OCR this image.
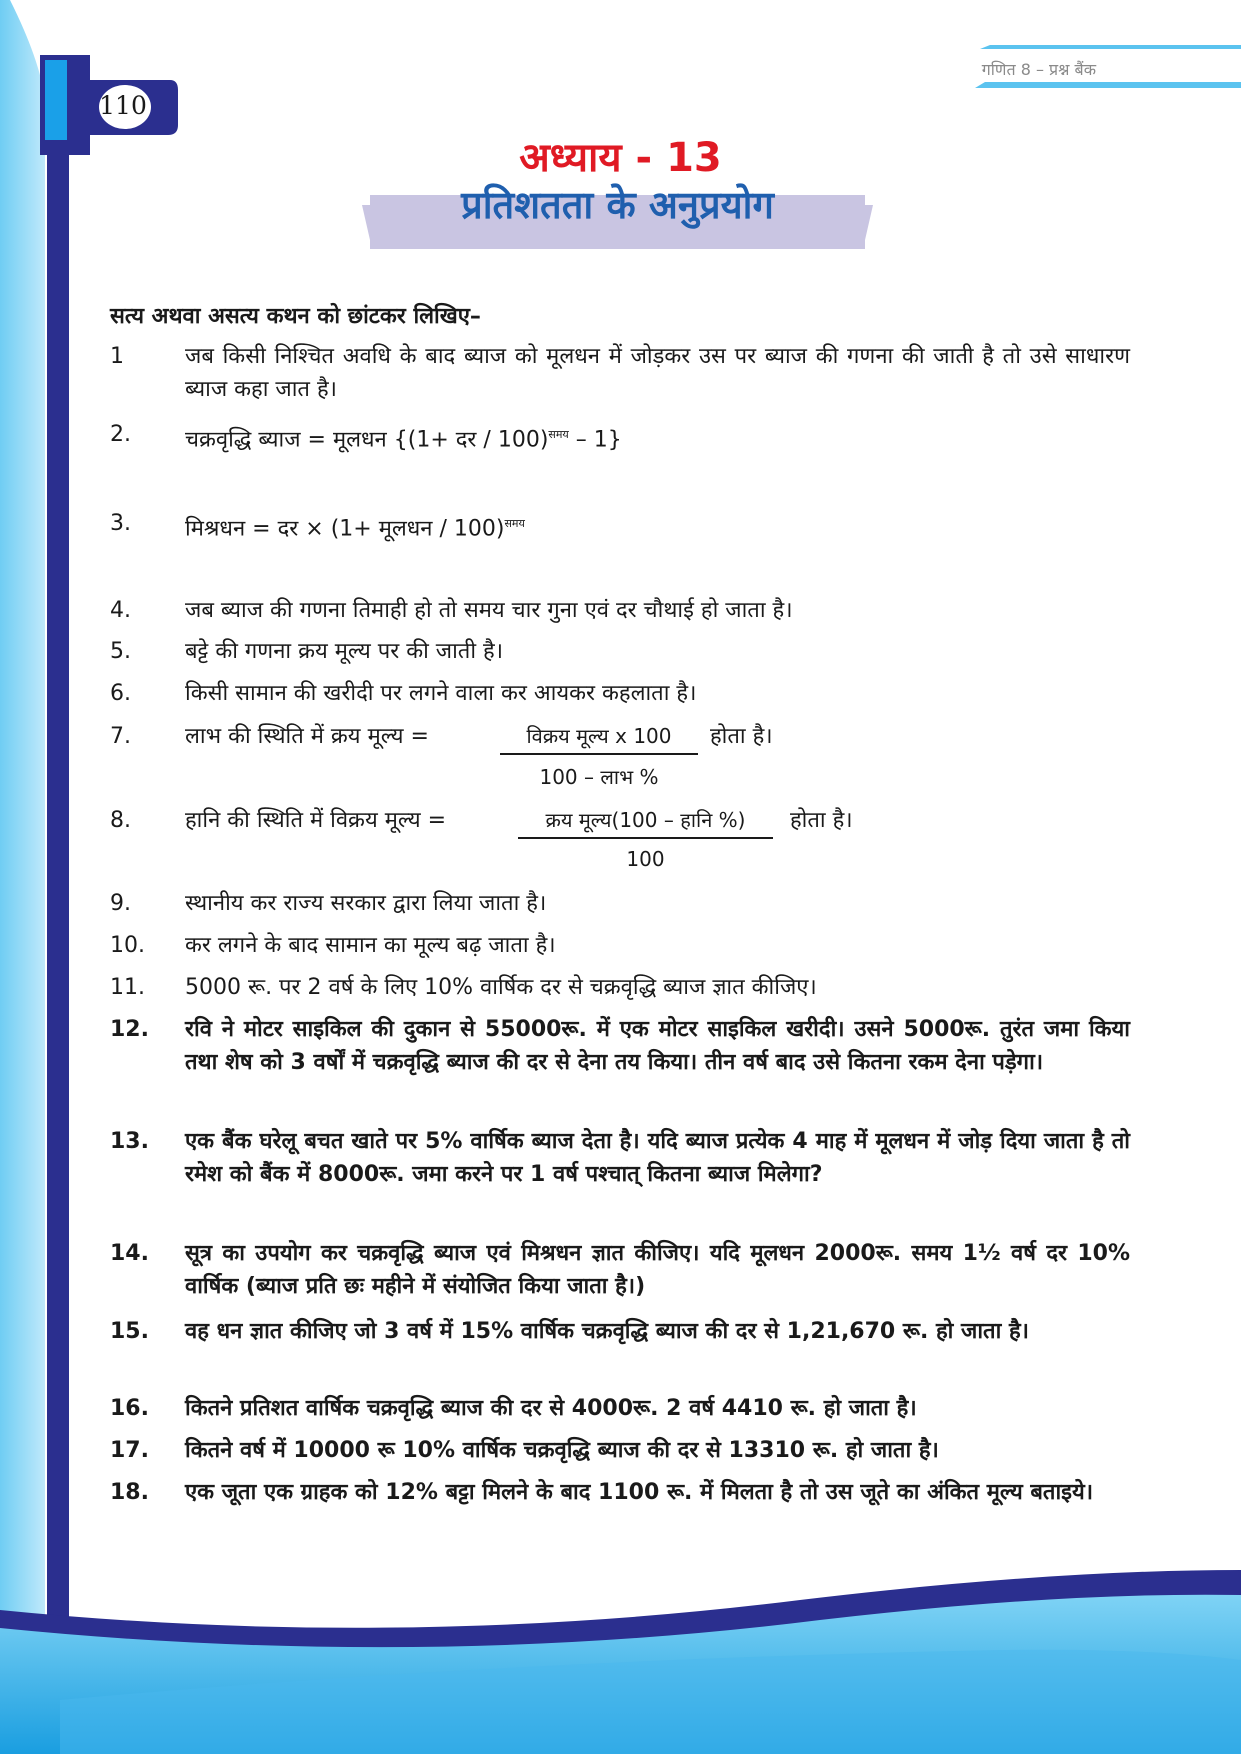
गणित 8 – प्रश्न बैंक
110
अध्याय - 13
प्रतिशतता के अनुप्रयोग
सत्य अथवा असत्य कथन को छांटकर लिखिए–
1	जब किसी निश्चित अवधि के बाद ब्याज को मूलधन में जोड़कर उस पर ब्याज की गणना की जाती है तो उसे साधारण ब्याज कहा जात है।
2.	चक्रवृद्धि ब्याज = मूलधन {(1+ दर / 100)$^{समय}$ – 1}
3.	मिश्रधन = दर × (1+ मूलधन / 100)$^{समय}$
4.	जब ब्याज की गणना तिमाही हो तो समय चार गुना एवं दर चौथाई हो जाता है।
5.	बट्टे की गणना क्रय मूल्य पर की जाती है।
6.	किसी सामान की खरीदी पर लगने वाला कर आयकर कहलाता है।
7.	लाभ की स्थिति में क्रय मूल्य =	विक्रय मूल्य x 100
100 – लाभ %
होता है।
8.	हानि की स्थिति में विक्रय मूल्य =	क्रय मूल्य(100 – हानि %)
100
होता है।
9.	स्थानीय कर राज्य सरकार द्वारा लिया जाता है।
10.	कर लगने के बाद सामान का मूल्य बढ़ जाता है।
11.	5000 रू. पर 2 वर्ष के लिए 10% वार्षिक दर से चक्रवृद्धि ब्याज ज्ञात कीजिए।
12.	रवि ने मोटर साइकिल की दुकान से 55000रू. में एक मोटर साइकिल खरीदी। उसने 5000रू. तुरंत जमा किया तथा शेष को 3 वर्षों में चक्रवृद्धि ब्याज की दर से देना तय किया। तीन वर्ष बाद उसे कितना रकम देना पड़ेगा।
13.	एक बैंक घरेलू बचत खाते पर 5% वार्षिक ब्याज देता है। यदि ब्याज प्रत्येक 4 माह में मूलधन में जोड़ दिया जाता है तो रमेश को बैंक में 8000रू. जमा करने पर 1 वर्ष पश्चात् कितना ब्याज मिलेगा?
14.	सूत्र का उपयोग कर चक्रवृद्धि ब्याज एवं मिश्रधन ज्ञात कीजिए। यदि मूलधन 2000रू. समय 1½ वर्ष दर 10% वार्षिक (ब्याज प्रति छः महीने में संयोजित किया जाता है।)
15.	वह धन ज्ञात कीजिए जो 3 वर्ष में 15% वार्षिक चक्रवृद्धि ब्याज की दर से 1,21,670 रू. हो जाता है।
16.	कितने प्रतिशत वार्षिक चक्रवृद्धि ब्याज की दर से 4000रू. 2 वर्ष 4410 रू. हो जाता है।
17.	कितने वर्ष में 10000 रू 10% वार्षिक चक्रवृद्धि ब्याज की दर से 13310 रू. हो जाता है।
18.	एक जूता एक ग्राहक को 12% बट्टा मिलने के बाद 1100 रू. में मिलता है तो उस जूते का अंकित मूल्य बताइये।
